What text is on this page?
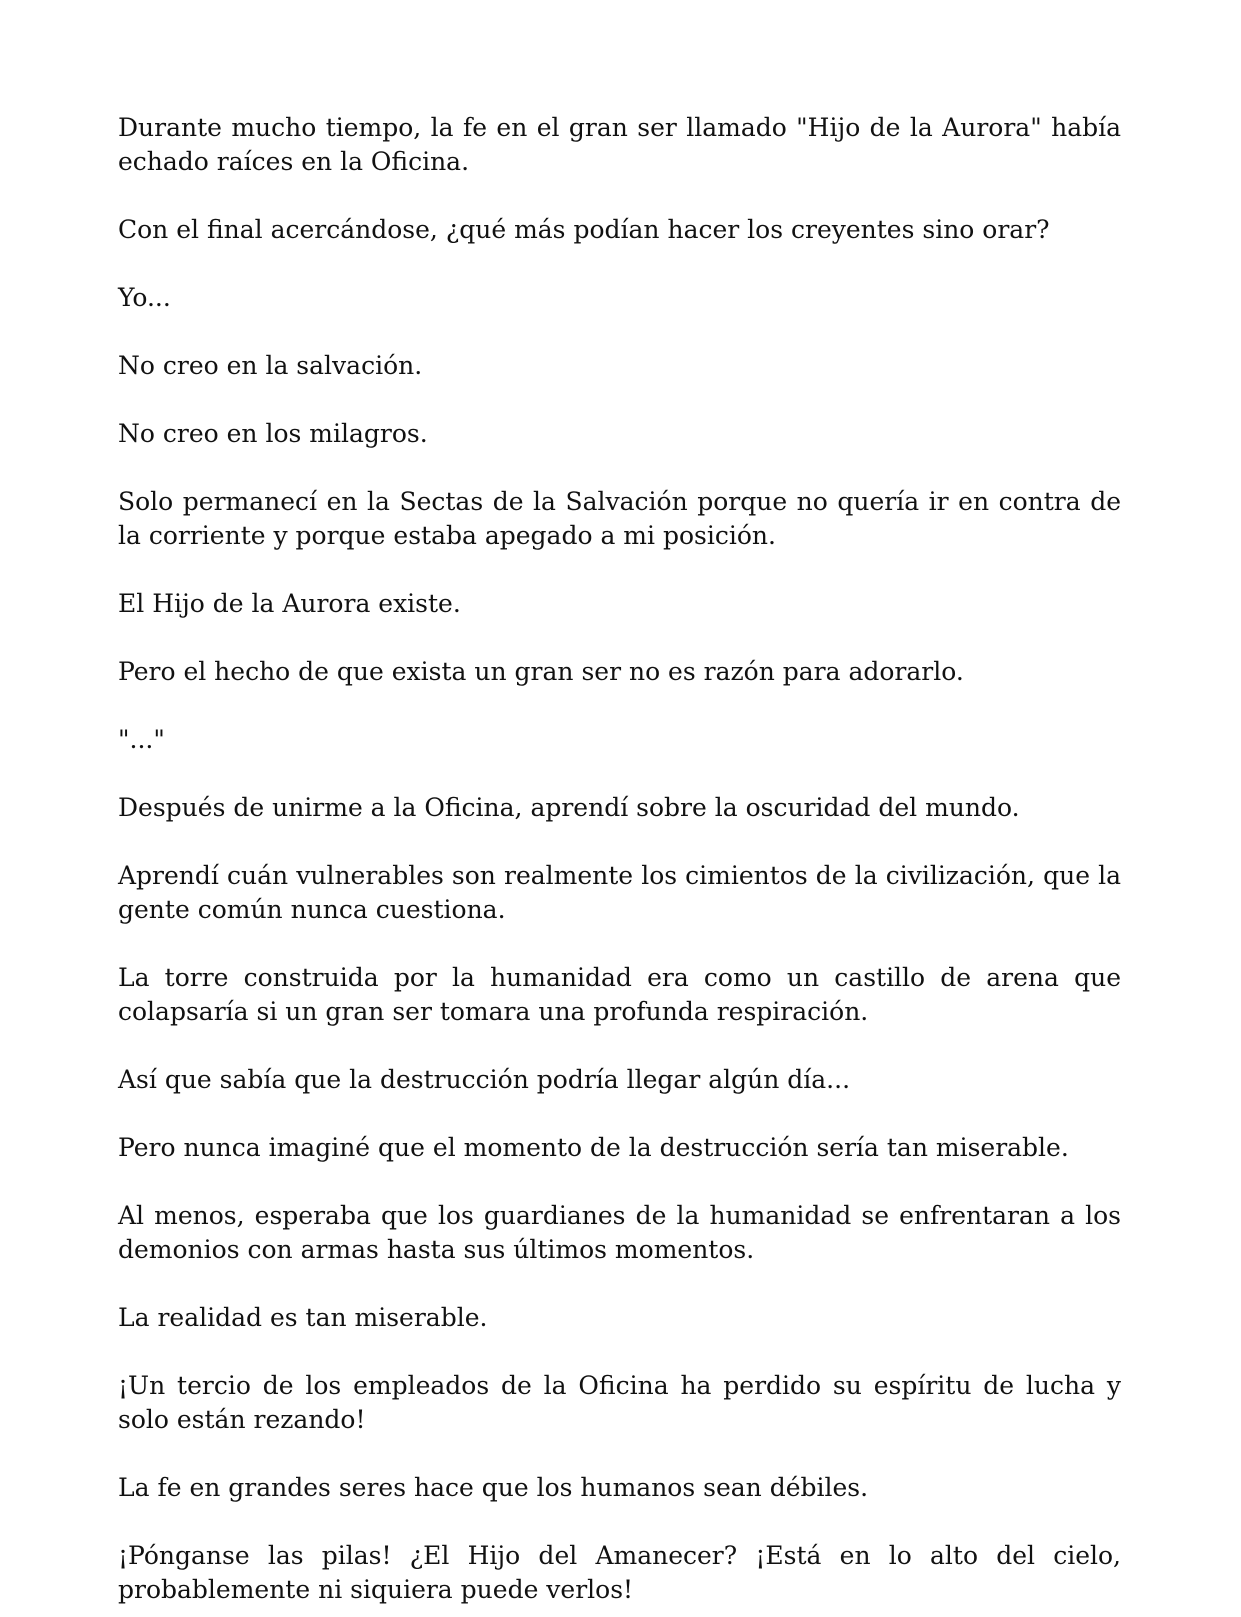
Durante mucho tiempo, la fe en el gran ser llamado "Hijo de la Aurora" había echado raíces en la Oficina.

Con el final acercándose, ¿qué más podían hacer los creyentes sino orar?

Yo...

No creo en la salvación.

No creo en los milagros.

Solo permanecí en la Sectas de la Salvación porque no quería ir en contra de la corriente y porque estaba apegado a mi posición.

El Hijo de la Aurora existe.

Pero el hecho de que exista un gran ser no es razón para adorarlo.

"..."

Después de unirme a la Oficina, aprendí sobre la oscuridad del mundo.

Aprendí cuán vulnerables son realmente los cimientos de la civilización, que la gente común nunca cuestiona.

La torre construida por la humanidad era como un castillo de arena que colapsaría si un gran ser tomara una profunda respiración.

Así que sabía que la destrucción podría llegar algún día...

Pero nunca imaginé que el momento de la destrucción sería tan miserable.

Al menos, esperaba que los guardianes de la humanidad se enfrentaran a los demonios con armas hasta sus últimos momentos.

La realidad es tan miserable.

¡Un tercio de los empleados de la Oficina ha perdido su espíritu de lucha y solo están rezando!

La fe en grandes seres hace que los humanos sean débiles.

¡Pónganse las pilas! ¿El Hijo del Amanecer? ¡Está en lo alto del cielo, probablemente ni siquiera puede verlos!
